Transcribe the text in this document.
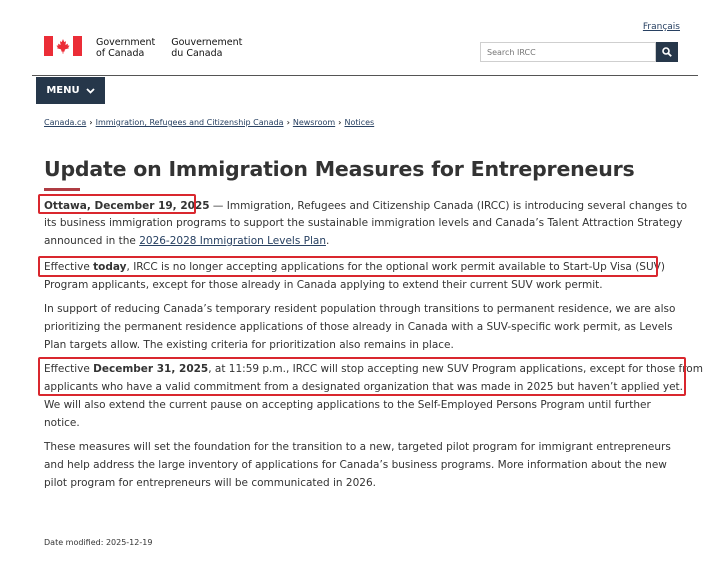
Français
Government
of Canada
Gouvernement
du Canada
Search IRCC
MENU
Canada.ca › Immigration, Refugees and Citizenship Canada › Newsroom › Notices
Update on Immigration Measures for Entrepreneurs
Ottawa, December 19, 2025 — Immigration, Refugees and Citizenship Canada (IRCC) is introducing several changes to
its business immigration programs to support the sustainable immigration levels and Canada’s Talent Attraction Strategy
announced in the 2026-2028 Immigration Levels Plan.
Effective today, IRCC is no longer accepting applications for the optional work permit available to Start-Up Visa (SUV)
Program applicants, except for those already in Canada applying to extend their current SUV work permit.
In support of reducing Canada’s temporary resident population through transitions to permanent residence, we are also
prioritizing the permanent residence applications of those already in Canada with a SUV-specific work permit, as Levels
Plan targets allow. The existing criteria for prioritization also remains in place.
Effective December 31, 2025, at 11:59 p.m., IRCC will stop accepting new SUV Program applications, except for those from
applicants who have a valid commitment from a designated organization that was made in 2025 but haven’t applied yet.
We will also extend the current pause on accepting applications to the Self-Employed Persons Program until further
notice.
These measures will set the foundation for the transition to a new, targeted pilot program for immigrant entrepreneurs
and help address the large inventory of applications for Canada’s business programs. More information about the new
pilot program for entrepreneurs will be communicated in 2026.
Date modified: 2025-12-19
